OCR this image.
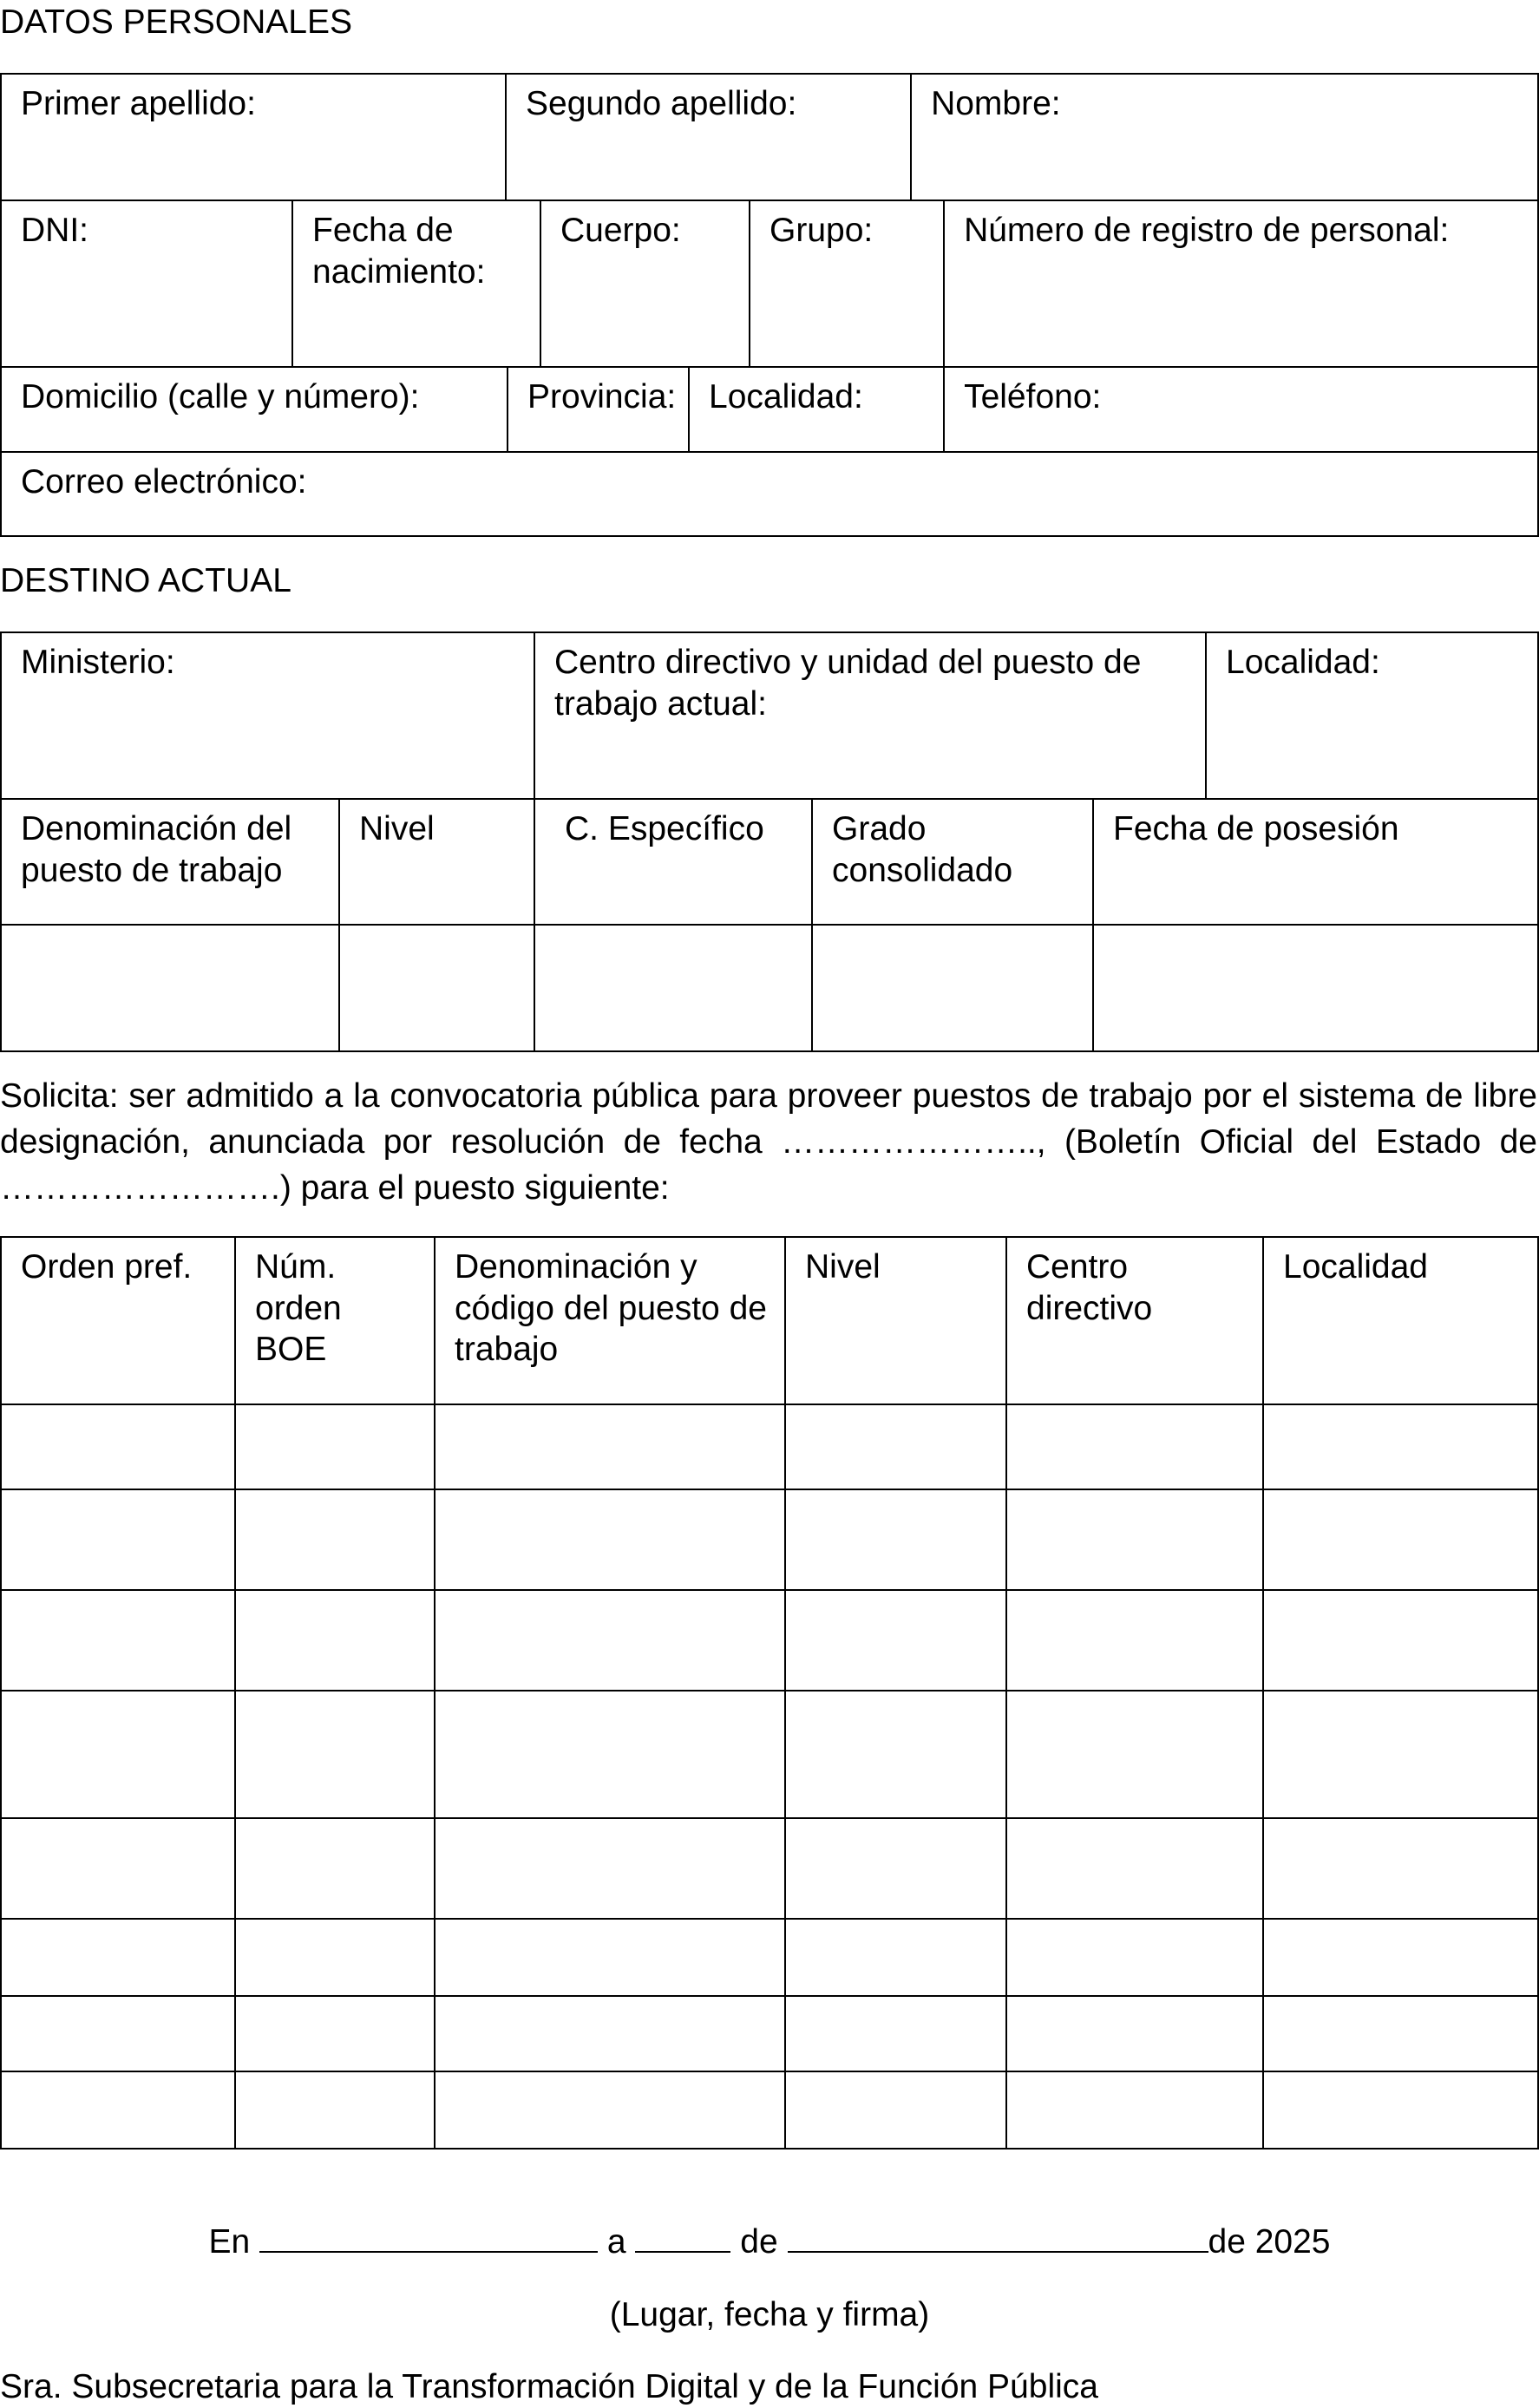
DATOS PERSONALES
Primer apellido:		Segundo apellido:					Nombre:	
DNI:	Fecha de nacimiento:			Cuerpo:		Grupo:		Número de registro de personal:
Domicilio (calle y número):			Provincia:		Localidad:			Teléfono:
Correo electrónico:								
DESTINO ACTUAL
Ministerio:		Centro directivo y unidad del puesto de trabajo actual:			Localidad:
Denominación del puesto de trabajo	Nivel	C. Específico	Grado consolidado	Fecha de posesión	

Solicita: ser admitido a la convocatoria pública para proveer puestos de trabajo por el sistema de libre designación, anunciada por resolución de fecha ………………….., (Boletín Oficial del Estado de …………………….) para el puesto siguiente:
Orden pref.	Núm. orden BOE	Denominación y código del puesto de trabajo	Nivel	Centro directivo	Localidad

En	a	de	de 2025
(Lugar, fecha y firma)
Sra. Subsecretaria para la Transformación Digital y de la Función Pública
